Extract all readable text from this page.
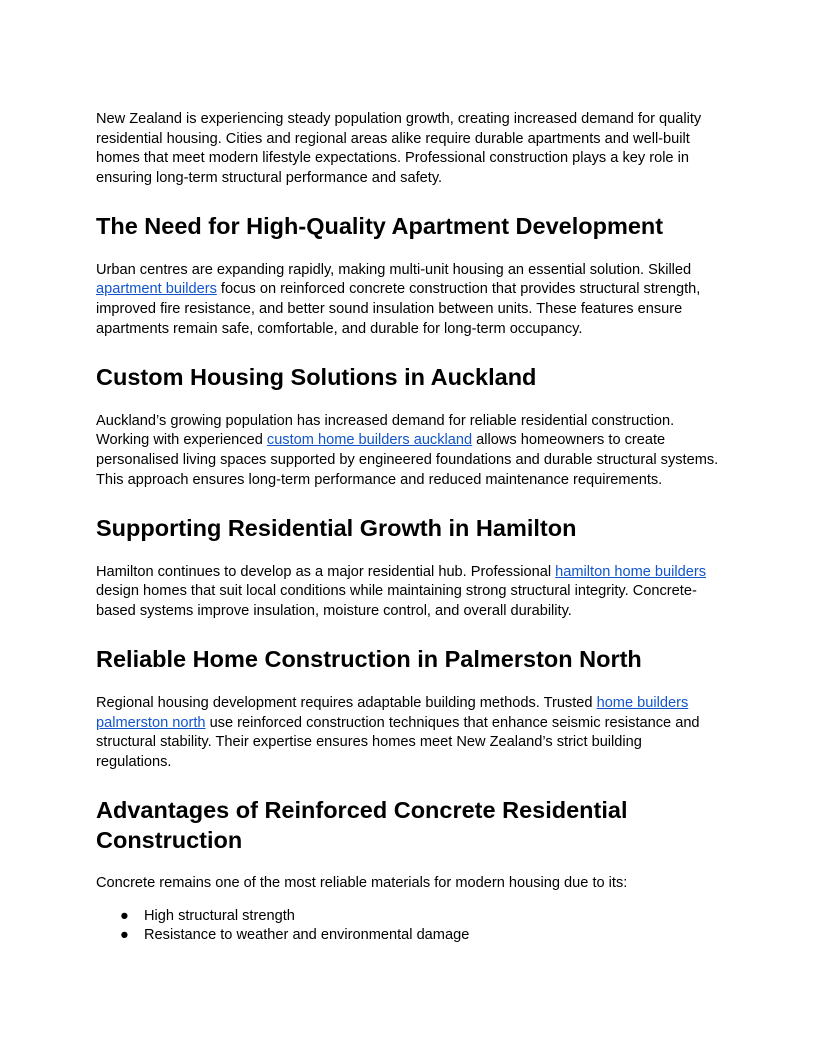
New Zealand is experiencing steady population growth, creating increased demand for quality residential housing. Cities and regional areas alike require durable apartments and well-built homes that meet modern lifestyle expectations. Professional construction plays a key role in ensuring long-term structural performance and safety.

The Need for High-Quality Apartment Development

Urban centres are expanding rapidly, making multi-unit housing an essential solution. Skilled apartment builders focus on reinforced concrete construction that provides structural strength, improved fire resistance, and better sound insulation between units. These features ensure apartments remain safe, comfortable, and durable for long-term occupancy.

Custom Housing Solutions in Auckland

Auckland’s growing population has increased demand for reliable residential construction. Working with experienced custom home builders auckland allows homeowners to create personalised living spaces supported by engineered foundations and durable structural systems. This approach ensures long-term performance and reduced maintenance requirements.

Supporting Residential Growth in Hamilton

Hamilton continues to develop as a major residential hub. Professional hamilton home builders design homes that suit local conditions while maintaining strong structural integrity. Concrete-based systems improve insulation, moisture control, and overall durability.

Reliable Home Construction in Palmerston North

Regional housing development requires adaptable building methods. Trusted home builders palmerston north use reinforced construction techniques that enhance seismic resistance and structural stability. Their expertise ensures homes meet New Zealand’s strict building regulations.

Advantages of Reinforced Concrete Residential Construction

Concrete remains one of the most reliable materials for modern housing due to its:

● High structural strength
● Resistance to weather and environmental damage
